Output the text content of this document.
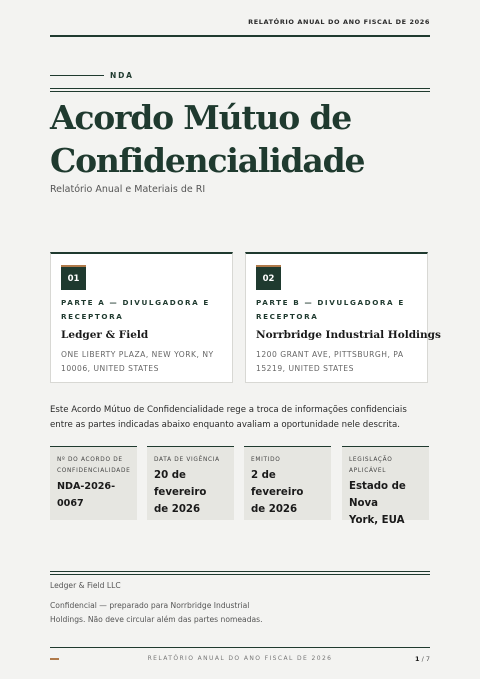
RELATÓRIO ANUAL DO ANO FISCAL DE 2026
NDA
Acordo Mútuo de
Confidencialidade
Relatório Anual e Materiais de RI
01
PARTE A — DIVULGADORA E
RECEPTORA
Ledger & Field
ONE LIBERTY PLAZA, NEW YORK, NY
10006, UNITED STATES
02
PARTE B — DIVULGADORA E
RECEPTORA
Norrbridge Industrial Holdings
1200 GRANT AVE, PITTSBURGH, PA
15219, UNITED STATES
Este Acordo Mútuo de Confidencialidade rege a troca de informações confidenciais
entre as partes indicadas abaixo enquanto avaliam a oportunidade nele descrita.
Nº DO ACORDO DE
CONFIDENCIALIDADE
NDA-2026-0067
DATA DE VIGÊNCIA
20 de fevereiro
de 2026
EMITIDO
2 de fevereiro
de 2026
LEGISLAÇÃO
APLICÁVEL
Estado de Nova
York, EUA
Ledger & Field LLC
Confidencial — preparado para Norrbridge Industrial
Holdings. Não deve circular além das partes nomeadas.
RELATÓRIO ANUAL DO ANO FISCAL DE 2026	1 / 7
